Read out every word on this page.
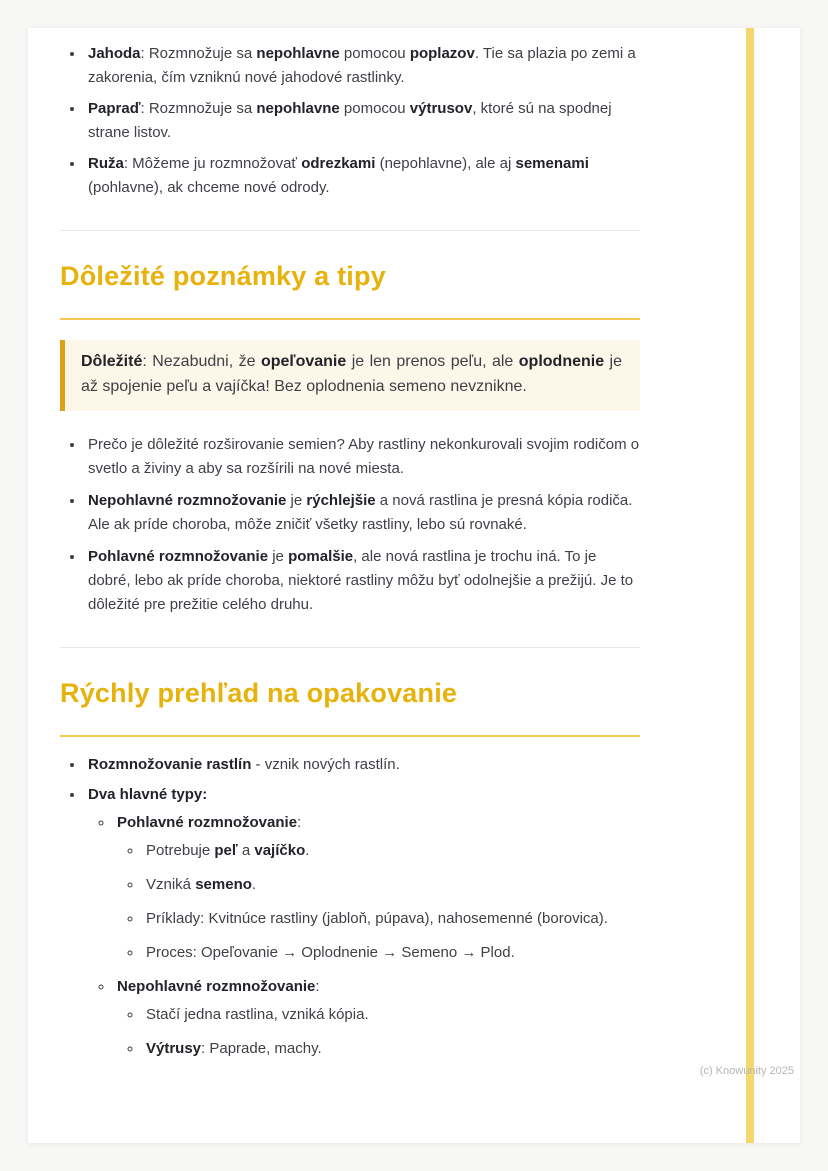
• Jahoda: Rozmnožuje sa nepohlavne pomocou poplazov. Tie sa plazia po zemi a zakorenia, čím vzniknú nové jahodové rastlinky.
• Papraď: Rozmnožuje sa nepohlavne pomocou výtrusov, ktoré sú na spodnej strane listov.
• Ruža: Môžeme ju rozmnožovať odrezkami (nepohlavne), ale aj semenami (pohlavne), ak chceme nové odrody.
Dôležité poznámky a tipy

Dôležité: Nezabudni, že opeľovanie je len prenos peľu, ale oplodnenie je až spojenie peľu a vajíčka! Bez oplodnenia semeno nevznikne.

• Prečo je dôležité rozširovanie semien? Aby rastliny nekonkurovali svojim rodičom o svetlo a živiny a aby sa rozšírili na nové miesta.
• Nepohlavné rozmnožovanie je rýchlejšie a nová rastlina je presná kópia rodiča. Ale ak príde choroba, môže zničiť všetky rastliny, lebo sú rovnaké.
• Pohlavné rozmnožovanie je pomalšie, ale nová rastlina je trochu iná. To je dobré, lebo ak príde choroba, niektoré rastliny môžu byť odolnejšie a prežijú. Je to dôležité pre prežitie celého druhu.
Rýchly prehľad na opakovanie
• Rozmnožovanie rastlín - vznik nových rastlín.
• Dva hlavné typy:
◦ Pohlavné rozmnožovanie:
◦ Potrebuje peľ a vajíčko.
◦ Vzniká semeno.
◦ Príklady: Kvitnúce rastliny (jabloň, púpava), nahosemenné (borovica).
◦ Proces: Opeľovanie → Oplodnenie → Semeno → Plod.
◦ Nepohlavné rozmnožovanie:
◦ Stačí jedna rastlina, vzniká kópia.
◦ Výtrusy: Paprade, machy.
(c) Knowunity 2025
